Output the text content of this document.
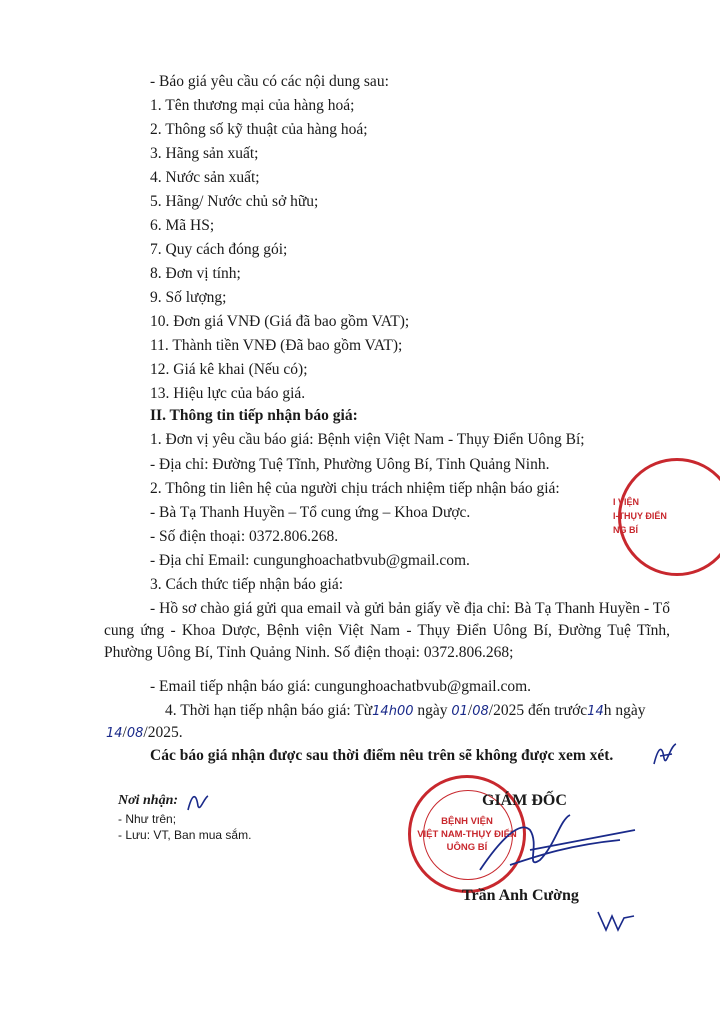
- Báo giá yêu cầu có các nội dung sau:
1. Tên thương mại của hàng hoá;
2. Thông số kỹ thuật của hàng hoá;
3. Hãng sản xuất;
4. Nước sản xuất;
5. Hãng/ Nước chủ sở hữu;
6. Mã HS;
7. Quy cách đóng gói;
8. Đơn vị tính;
9. Số lượng;
10. Đơn giá VNĐ (Giá đã bao gồm VAT);
11. Thành tiền VNĐ (Đã bao gồm VAT);
12. Giá kê khai (Nếu có);
13. Hiệu lực của báo giá.
II. Thông tin tiếp nhận báo giá:
1. Đơn vị yêu cầu báo giá: Bệnh viện Việt Nam - Thụy Điển Uông Bí;
- Địa chỉ: Đường Tuệ Tĩnh, Phường Uông Bí, Tỉnh Quảng Ninh.
2. Thông tin liên hệ của người chịu trách nhiệm tiếp nhận báo giá:
- Bà Tạ Thanh Huyền – Tổ cung ứng – Khoa Dược.
- Số điện thoại: 0372.806.268.
- Địa chỉ Email: cungunghoachatbvub@gmail.com.
3. Cách thức tiếp nhận báo giá:
- Hồ sơ chào giá gửi qua email và gửi bản giấy về địa chỉ: Bà Tạ Thanh Huyền - Tổ cung ứng - Khoa Dược, Bệnh viện Việt Nam - Thụy Điển Uông Bí, Đường Tuệ Tĩnh, Phường Uông Bí, Tỉnh Quảng Ninh. Số điện thoại: 0372.806.268;
- Email tiếp nhận báo giá: cungunghoachatbvub@gmail.com.
4. Thời hạn tiếp nhận báo giá: Từ14h00 ngày 01/08/2025 đến trước14h ngày
14/08/2025.
Các báo giá nhận được sau thời điểm nêu trên sẽ không được xem xét.
Nơi nhận:
- Như trên;
- Lưu: VT, Ban mua sắm.
BỆNH VIỆN
VIỆT NAM-THỤY ĐIỂN
UÔNG BÍ
GIÁM ĐỐC
Trần Anh Cường
I VIỆN
I-THỤY ĐIỂN
NG BÍ
